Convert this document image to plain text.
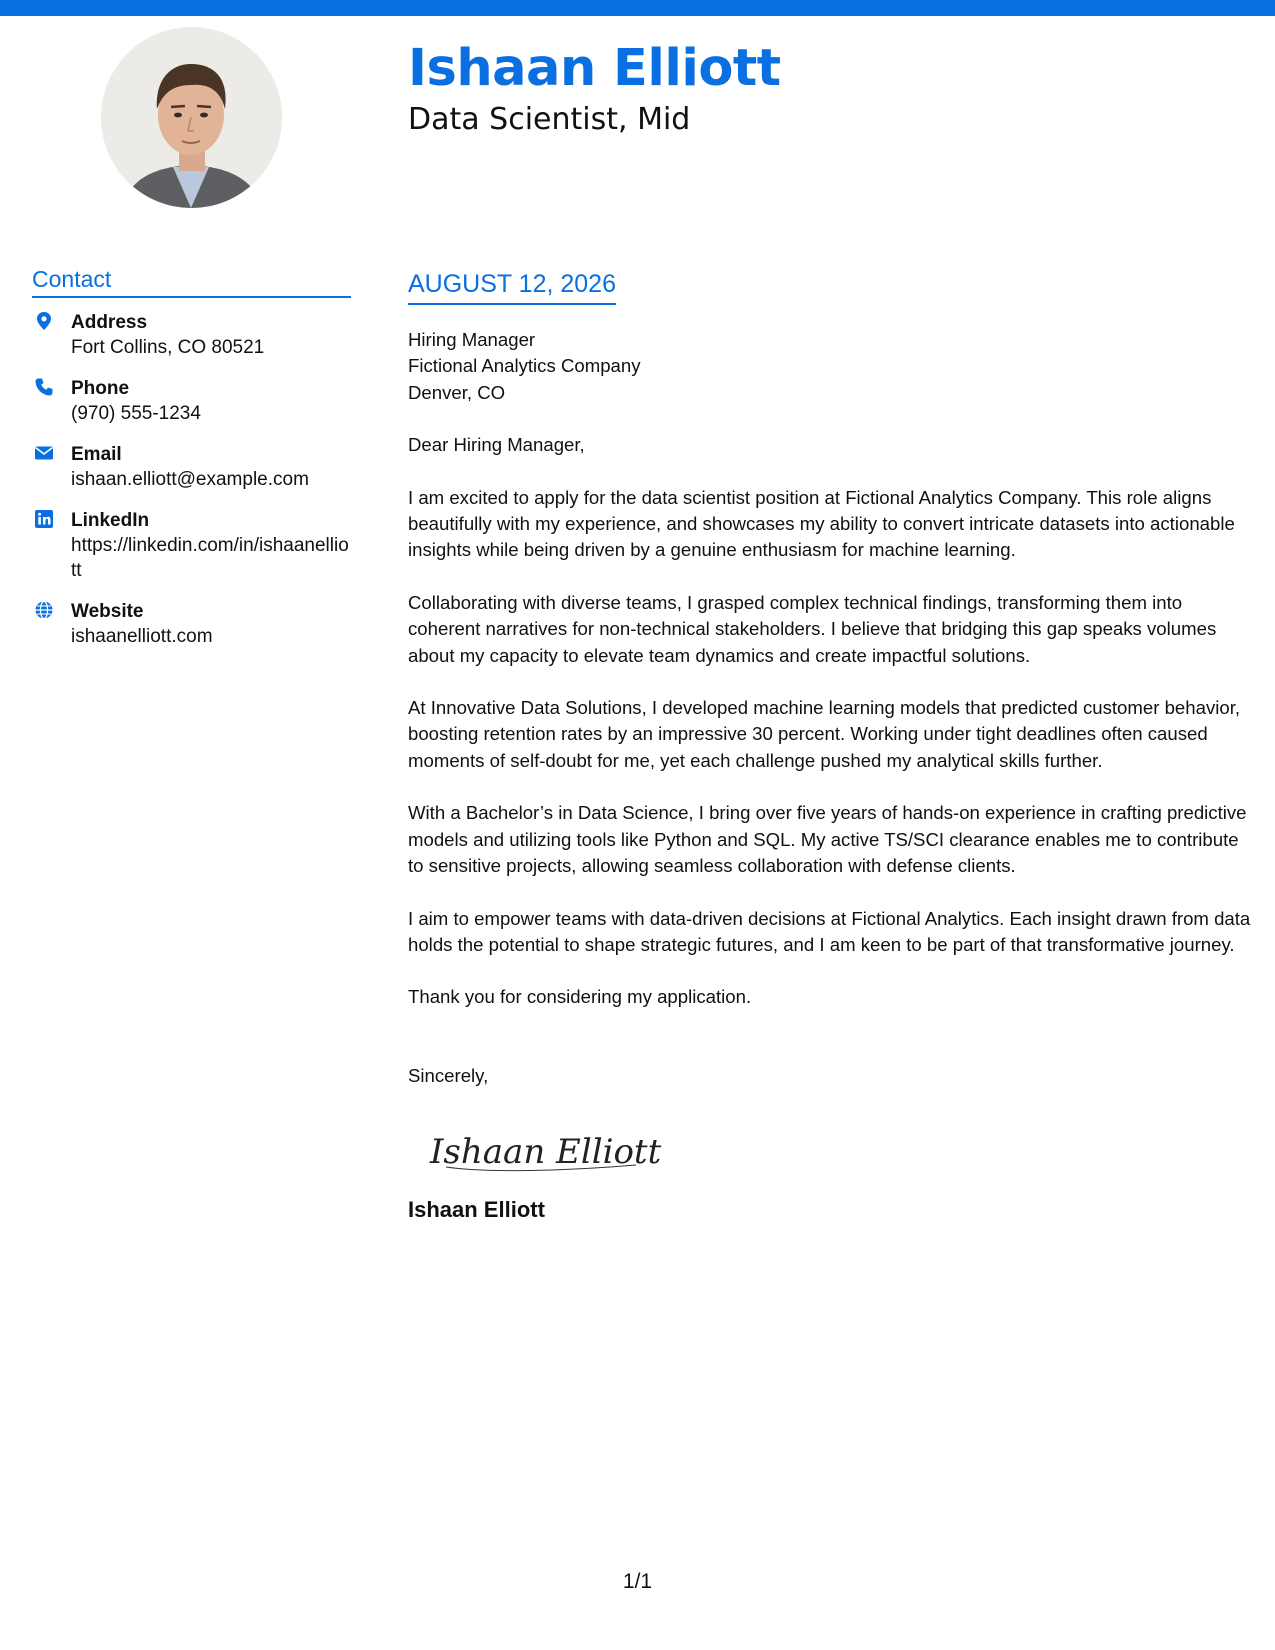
Ishaan Elliott
Data Scientist, Mid
Contact
Address
Fort Collins, CO 80521
Phone
(970) 555-1234
Email
ishaan.elliott@example.com
LinkedIn
https://linkedin.com/in/ishaanelliott
Website
ishaanelliott.com
AUGUST 12, 2026

Hiring Manager
Fictional Analytics Company
Denver, CO

Dear Hiring Manager,

I am excited to apply for the data scientist position at Fictional Analytics Company. This role aligns beautifully with my experience, and showcases my ability to convert intricate datasets into actionable insights while being driven by a genuine enthusiasm for machine learning.

Collaborating with diverse teams, I grasped complex technical findings, transforming them into coherent narratives for non-technical stakeholders. I believe that bridging this gap speaks volumes about my capacity to elevate team dynamics and create impactful solutions.

At Innovative Data Solutions, I developed machine learning models that predicted customer behavior, boosting retention rates by an impressive 30 percent. Working under tight deadlines often caused moments of self-doubt for me, yet each challenge pushed my analytical skills further.

With a Bachelor’s in Data Science, I bring over five years of hands-on experience in crafting predictive models and utilizing tools like Python and SQL. My active TS/SCI clearance enables me to contribute to sensitive projects, allowing seamless collaboration with defense clients.

I aim to empower teams with data-driven decisions at Fictional Analytics. Each insight drawn from data holds the potential to shape strategic futures, and I am keen to be part of that transformative journey.

Thank you for considering my application.

Sincerely,

Ishaan Elliott
Ishaan Elliott
1/1
